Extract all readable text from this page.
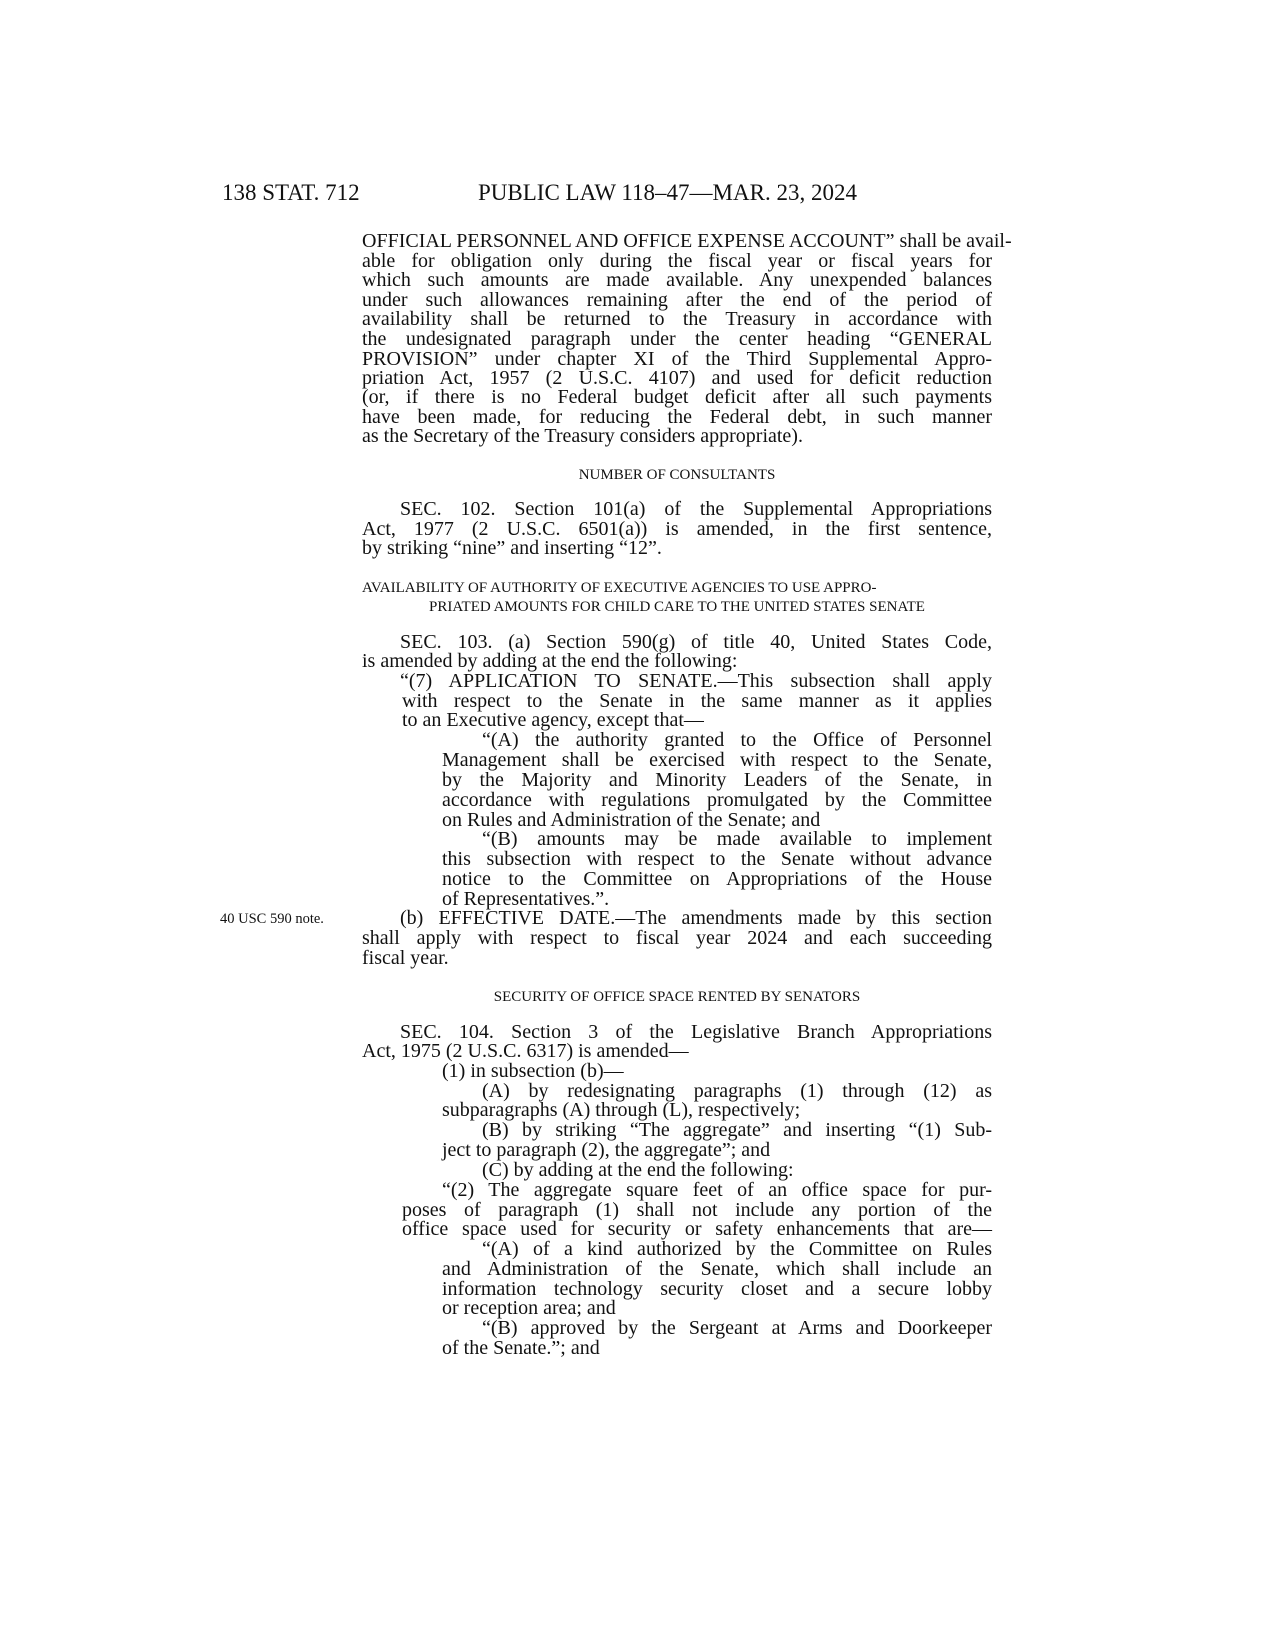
138 STAT. 712	PUBLIC LAW 118–47—MAR. 23, 2024
40 USC 590 note.
OFFICIAL PERSONNEL AND OFFICE EXPENSE ACCOUNT” shall be avail-
able for obligation only during the fiscal year or fiscal years for
which such amounts are made available. Any unexpended balances
under such allowances remaining after the end of the period of
availability shall be returned to the Treasury in accordance with
the undesignated paragraph under the center heading “GENERAL
PROVISION” under chapter XI of the Third Supplemental Appro-
priation Act, 1957 (2 U.S.C. 4107) and used for deficit reduction
(or, if there is no Federal budget deficit after all such payments
have been made, for reducing the Federal debt, in such manner
as the Secretary of the Treasury considers appropriate).
NUMBER OF CONSULTANTS
SEC. 102. Section 101(a) of the Supplemental Appropriations
Act, 1977 (2 U.S.C. 6501(a)) is amended, in the first sentence,
by striking “nine” and inserting “12”.
AVAILABILITY OF AUTHORITY OF EXECUTIVE AGENCIES TO USE APPRO-
PRIATED AMOUNTS FOR CHILD CARE TO THE UNITED STATES SENATE
SEC. 103. (a) Section 590(g) of title 40, United States Code,
is amended by adding at the end the following:
“(7) APPLICATION TO SENATE.—This subsection shall apply
with respect to the Senate in the same manner as it applies
to an Executive agency, except that—
“(A) the authority granted to the Office of Personnel
Management shall be exercised with respect to the Senate,
by the Majority and Minority Leaders of the Senate, in
accordance with regulations promulgated by the Committee
on Rules and Administration of the Senate; and
“(B) amounts may be made available to implement
this subsection with respect to the Senate without advance
notice to the Committee on Appropriations of the House
of Representatives.”.
(b) EFFECTIVE DATE.—The amendments made by this section
shall apply with respect to fiscal year 2024 and each succeeding
fiscal year.
SECURITY OF OFFICE SPACE RENTED BY SENATORS
SEC. 104. Section 3 of the Legislative Branch Appropriations
Act, 1975 (2 U.S.C. 6317) is amended—
(1) in subsection (b)—
(A) by redesignating paragraphs (1) through (12) as
subparagraphs (A) through (L), respectively;
(B) by striking “The aggregate” and inserting “(1) Sub-
ject to paragraph (2), the aggregate”; and
(C) by adding at the end the following:
“(2) The aggregate square feet of an office space for pur-
poses of paragraph (1) shall not include any portion of the
office space used for security or safety enhancements that are—
“(A) of a kind authorized by the Committee on Rules
and Administration of the Senate, which shall include an
information technology security closet and a secure lobby
or reception area; and
“(B) approved by the Sergeant at Arms and Doorkeeper
of the Senate.”; and
